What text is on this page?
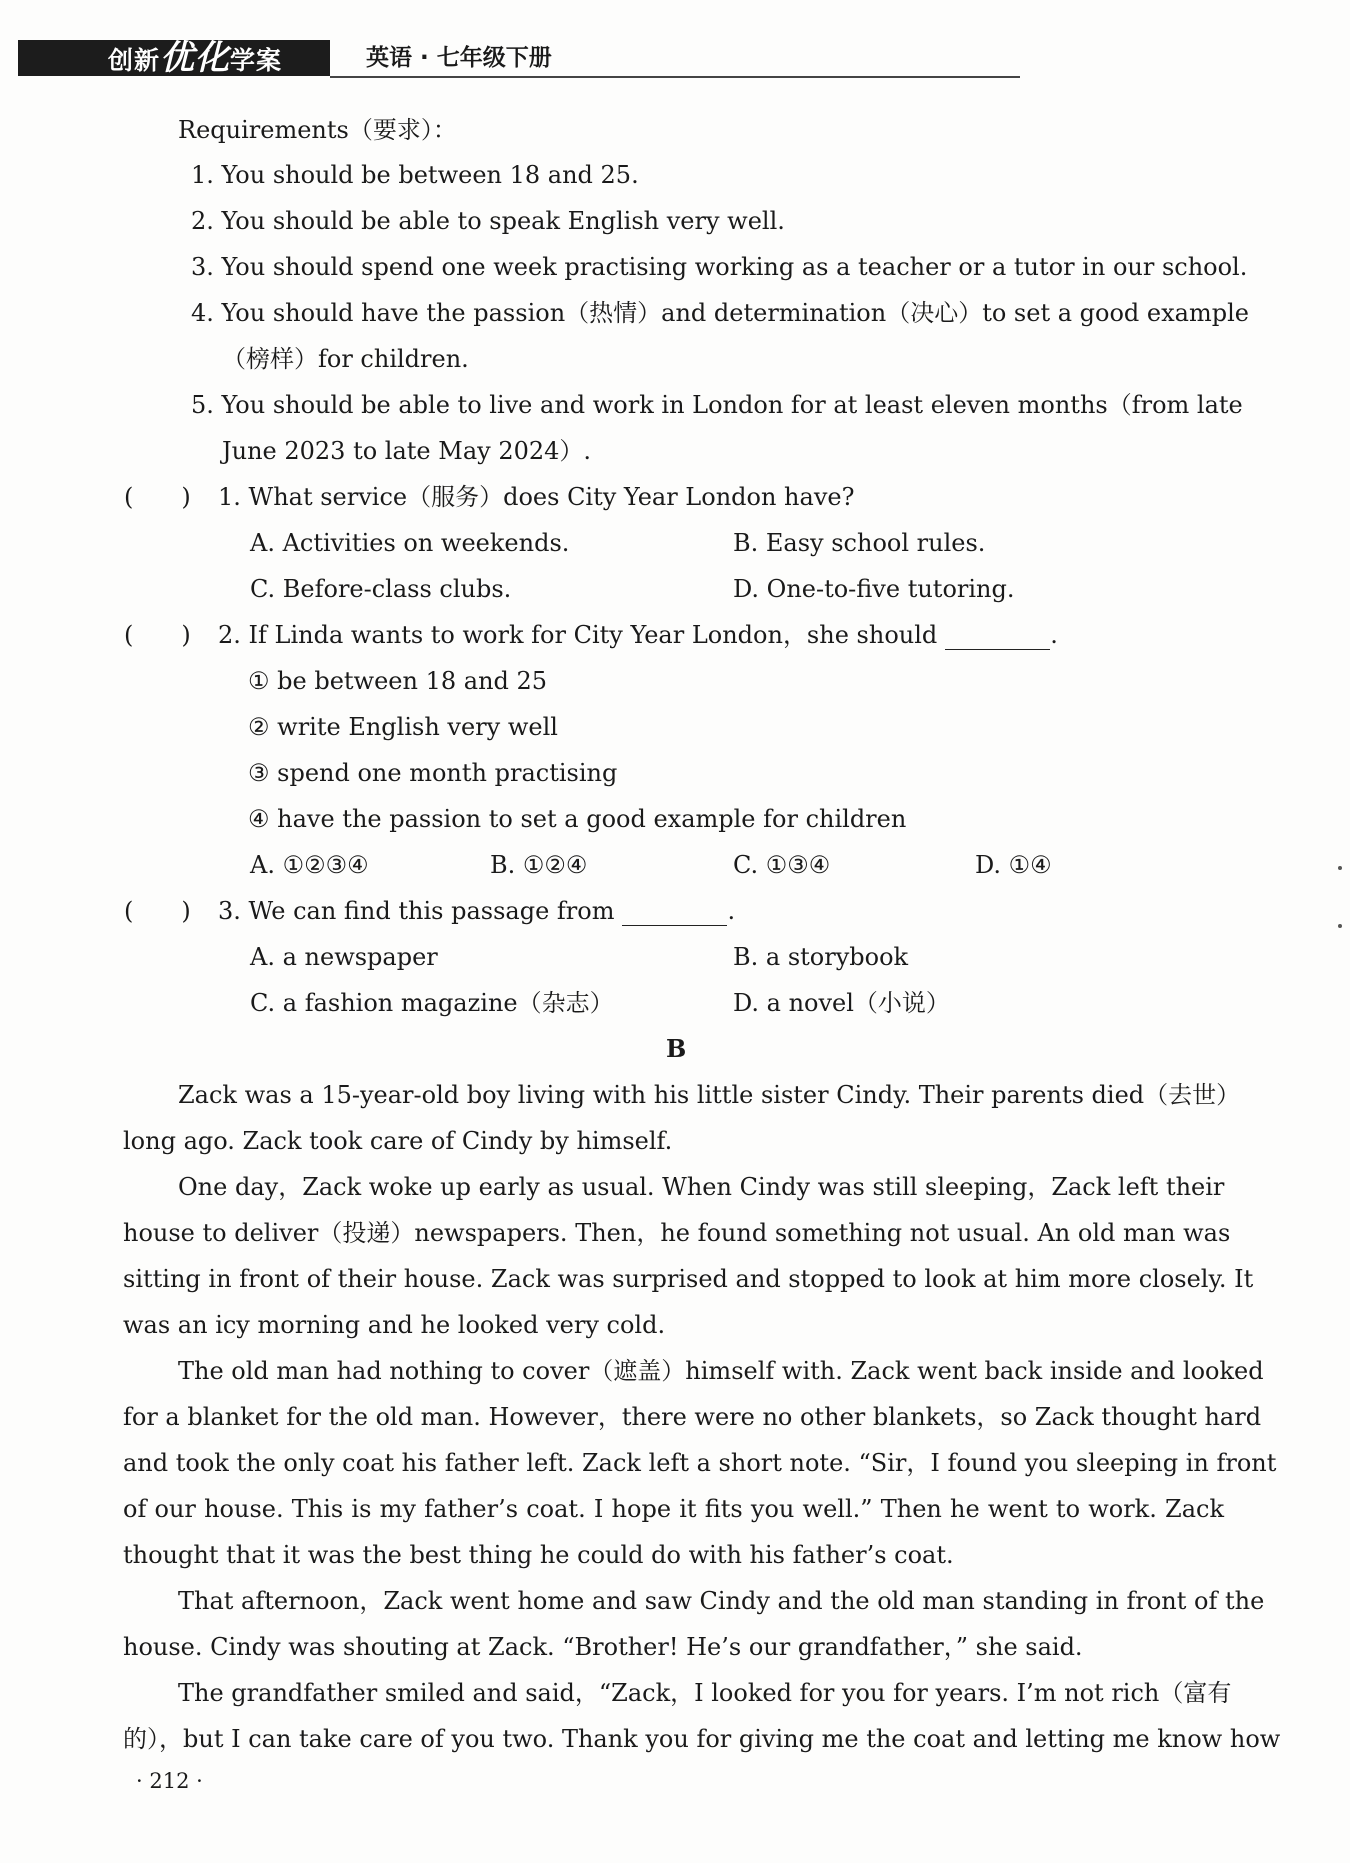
创新优化学案	英语 · 七年级下册
Requirements（要求）：
1. You should be between 18 and 25.
2. You should be able to speak English very well.
3. You should spend one week practising working as a teacher or a tutor in our school.
4. You should have the passion（热情）and determination（决心）to set a good example
（榜样）for children.
5. You should be able to live and work in London for at least eleven months（from late
June 2023 to late May 2024）.
(　　) 1. What service（服务）does City Year London have?
A. Activities on weekends.	B. Easy school rules.
C. Before-class clubs.	D. One-to-five tutoring.
(　　) 2. If Linda wants to work for City Year London，she should	.
① be between 18 and 25
② write English very well
③ spend one month practising
④ have the passion to set a good example for children
A. ①②③④	B. ①②④	C. ①③④	D. ①④
(　　) 3. We can find this passage from	.
A. a newspaper	B. a storybook
C. a fashion magazine（杂志）	D. a novel（小说）
B
Zack was a 15-year-old boy living with his little sister Cindy. Their parents died（去世）
long ago. Zack took care of Cindy by himself.
One day，Zack woke up early as usual. When Cindy was still sleeping，Zack left their
house to deliver（投递）newspapers. Then，he found something not usual. An old man was
sitting in front of their house. Zack was surprised and stopped to look at him more closely. It
was an icy morning and he looked very cold.
The old man had nothing to cover（遮盖）himself with. Zack went back inside and looked
for a blanket for the old man. However，there were no other blankets，so Zack thought hard
and took the only coat his father left. Zack left a short note. “Sir，I found you sleeping in front
of our house. This is my father’s coat. I hope it fits you well.” Then he went to work. Zack
thought that it was the best thing he could do with his father’s coat.
That afternoon，Zack went home and saw Cindy and the old man standing in front of the
house. Cindy was shouting at Zack. “Brother! He’s our grandfather，” she said.
The grandfather smiled and said，“Zack，I looked for you for years. I’m not rich（富有
的），but I can take care of you two. Thank you for giving me the coat and letting me know how
· 212 ·
